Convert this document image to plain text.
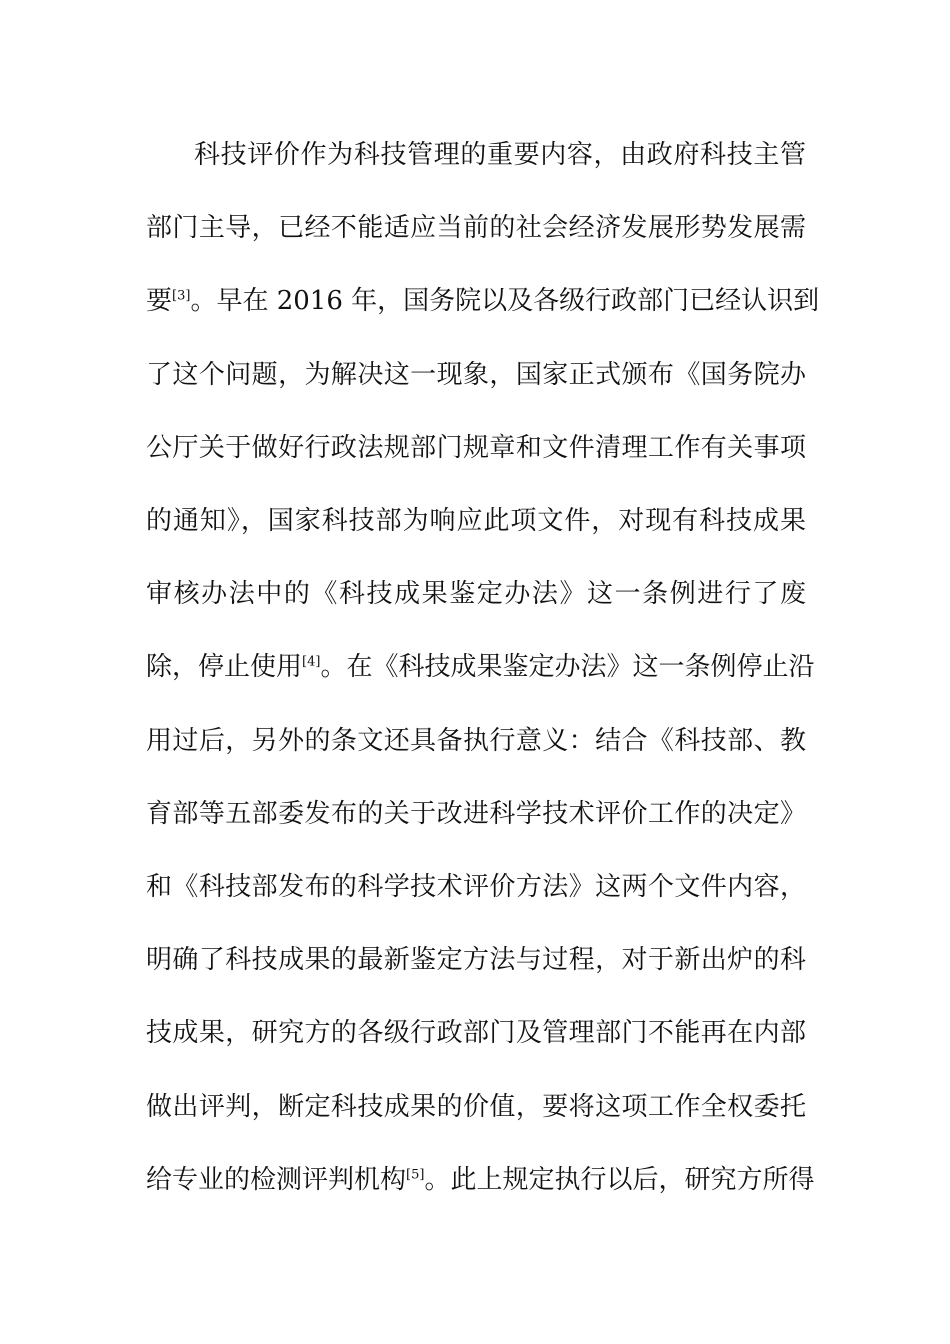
科技评价作为科技管理的重要内容，由政府科技主管
部门主导，已经不能适应当前的社会经济发展形势发展需
要[3]。早在 2016 年，国务院以及各级行政部门已经认识到
了这个问题，为解决这一现象，国家正式颁布《国务院办
公厅关于做好行政法规部门规章和文件清理工作有关事项
的通知》，国家科技部为响应此项文件，对现有科技成果
审核办法中的《科技成果鉴定办法》这一条例进行了废
除，停止使用[4]。在《科技成果鉴定办法》这一条例停止沿
用过后，另外的条文还具备执行意义：结合《科技部、教
育部等五部委发布的关于改进科学技术评价工作的决定》
和《科技部发布的科学技术评价方法》这两个文件内容，
明确了科技成果的最新鉴定方法与过程，对于新出炉的科
技成果，研究方的各级行政部门及管理部门不能再在内部
做出评判，断定科技成果的价值，要将这项工作全权委托
给专业的检测评判机构[5]。此上规定执行以后，研究方所得
